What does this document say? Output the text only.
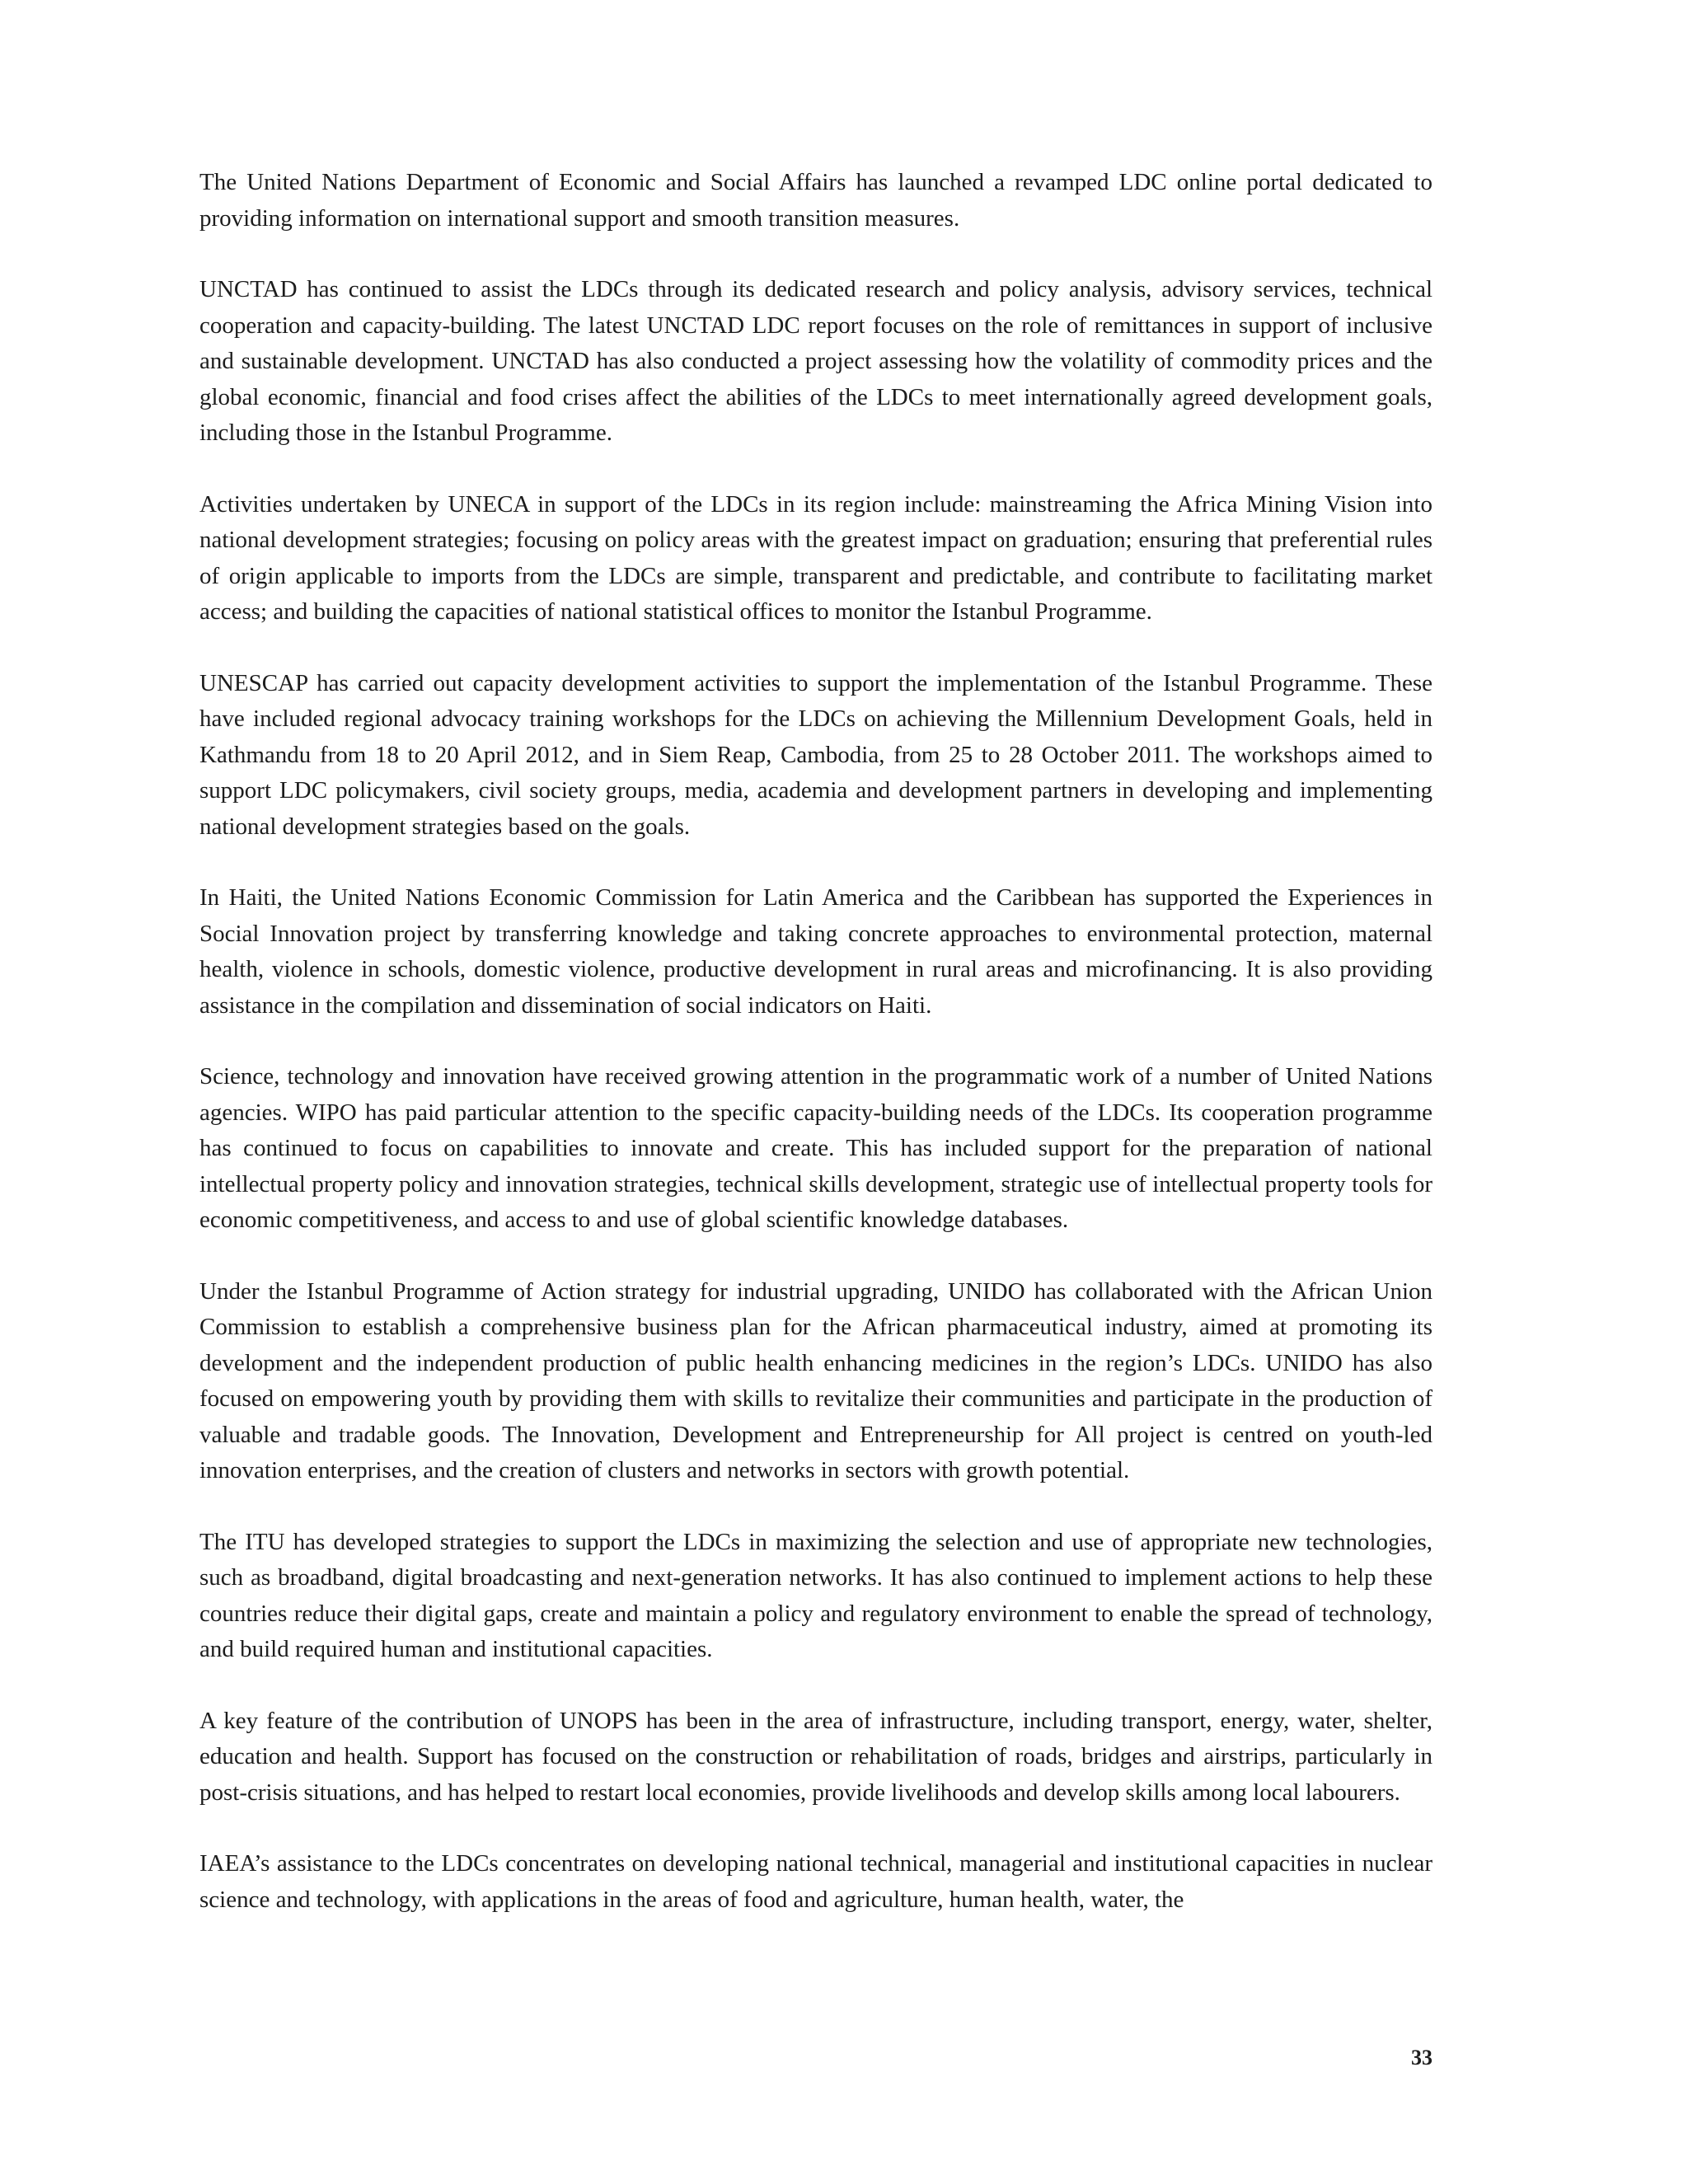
The United Nations Department of Economic and Social Affairs has launched a revamped LDC online portal dedicated to providing information on international support and smooth transition measures.

UNCTAD has continued to assist the LDCs through its dedicated research and policy analysis, advisory services, technical cooperation and capacity-building. The latest UNCTAD LDC report focuses on the role of remittances in support of inclusive and sustainable development. UNCTAD has also conducted a project assessing how the volatility of commodity prices and the global economic, financial and food crises affect the abilities of the LDCs to meet internationally agreed development goals, including those in the Istanbul Programme.

Activities undertaken by UNECA in support of the LDCs in its region include: mainstreaming the Africa Mining Vision into national development strategies; focusing on policy areas with the greatest impact on graduation; ensuring that preferential rules of origin applicable to imports from the LDCs are simple, transparent and predictable, and contribute to facilitating market access; and building the capacities of national statistical offices to monitor the Istanbul Programme.

UNESCAP has carried out capacity development activities to support the implementation of the Istanbul Programme. These have included regional advocacy training workshops for the LDCs on achieving the Millennium Development Goals, held in Kathmandu from 18 to 20 April 2012, and in Siem Reap, Cambodia, from 25 to 28 October 2011. The workshops aimed to support LDC policymakers, civil society groups, media, academia and development partners in developing and implementing national development strategies based on the goals.

In Haiti, the United Nations Economic Commission for Latin America and the Caribbean has supported the Experiences in Social Innovation project by transferring knowledge and taking concrete approaches to environmental protection, maternal health, violence in schools, domestic violence, productive development in rural areas and microfinancing. It is also providing assistance in the compilation and dissemination of social indicators on Haiti.

Science, technology and innovation have received growing attention in the programmatic work of a number of United Nations agencies. WIPO has paid particular attention to the specific capacity-building needs of the LDCs. Its cooperation programme has continued to focus on capabilities to innovate and create. This has included support for the preparation of national intellectual property policy and innovation strategies, technical skills development, strategic use of intellectual property tools for economic competitiveness, and access to and use of global scientific knowledge databases.

Under the Istanbul Programme of Action strategy for industrial upgrading, UNIDO has collaborated with the African Union Commission to establish a comprehensive business plan for the African pharmaceutical industry, aimed at promoting its development and the independent production of public health enhancing medicines in the region’s LDCs. UNIDO has also focused on empowering youth by providing them with skills to revitalize their communities and participate in the production of valuable and tradable goods. The Innovation, Development and Entrepreneurship for All project is centred on youth-led innovation enterprises, and the creation of clusters and networks in sectors with growth potential.

The ITU has developed strategies to support the LDCs in maximizing the selection and use of appropriate new technologies, such as broadband, digital broadcasting and next-generation networks. It has also continued to implement actions to help these countries reduce their digital gaps, create and maintain a policy and regulatory environment to enable the spread of technology, and build required human and institutional capacities.

A key feature of the contribution of UNOPS has been in the area of infrastructure, including transport, energy, water, shelter, education and health. Support has focused on the construction or rehabilitation of roads, bridges and airstrips, particularly in post-crisis situations, and has helped to restart local economies, provide livelihoods and develop skills among local labourers.

IAEA’s assistance to the LDCs concentrates on developing national technical, managerial and institutional capacities in nuclear science and technology, with applications in the areas of food and agriculture, human health, water, the

33
